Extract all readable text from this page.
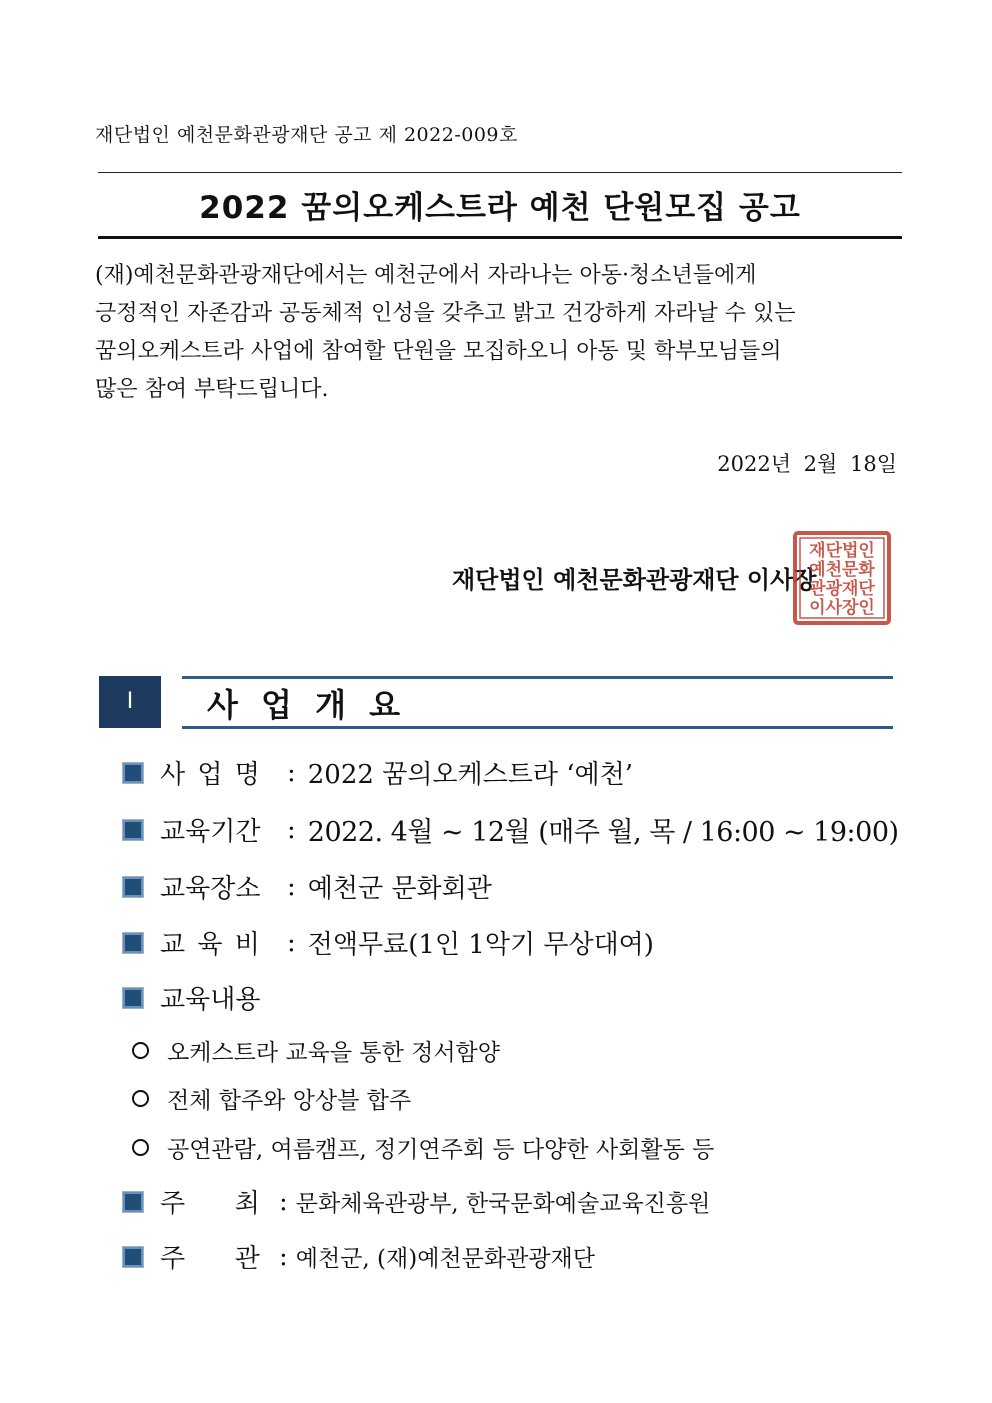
재단법인 예천문화관광재단 공고 제 2022-009호
2022 꿈의오케스트라 예천 단원모집 공고
(재)예천문화관광재단에서는 예천군에서 자라나는 아동·청소년들에게
긍정적인 자존감과 공동체적 인성을 갖추고 밝고 건강하게 자라날 수 있는
꿈의오케스트라 사업에 참여할 단원을 모집하오니 아동 및 학부모님들의
많은 참여 부탁드립니다.
2022년 2월 18일
재단법인 예천문화관광재단 이사장
재단법인
예천문화
관광재단
이사장인
Ⅰ	사 업 개 요
사 업 명 : 2022 꿈의오케스트라 ‘예천’
교육기간	: 2022. 4월 ~ 12월 (매주 월, 목 / 16:00 ~ 19:00)
교육장소	: 예천군 문화회관
교 육 비 : 전액무료(1인 1악기 무상대여)
교육내용
오케스트라 교육을 통한 정서함양
전체 합주와 앙상블 합주
공연관람, 여름캠프, 정기연주회 등 다양한 사회활동 등
주      최 : 문화체육관광부, 한국문화예술교육진흥원
주      관 : 예천군, (재)예천문화관광재단
